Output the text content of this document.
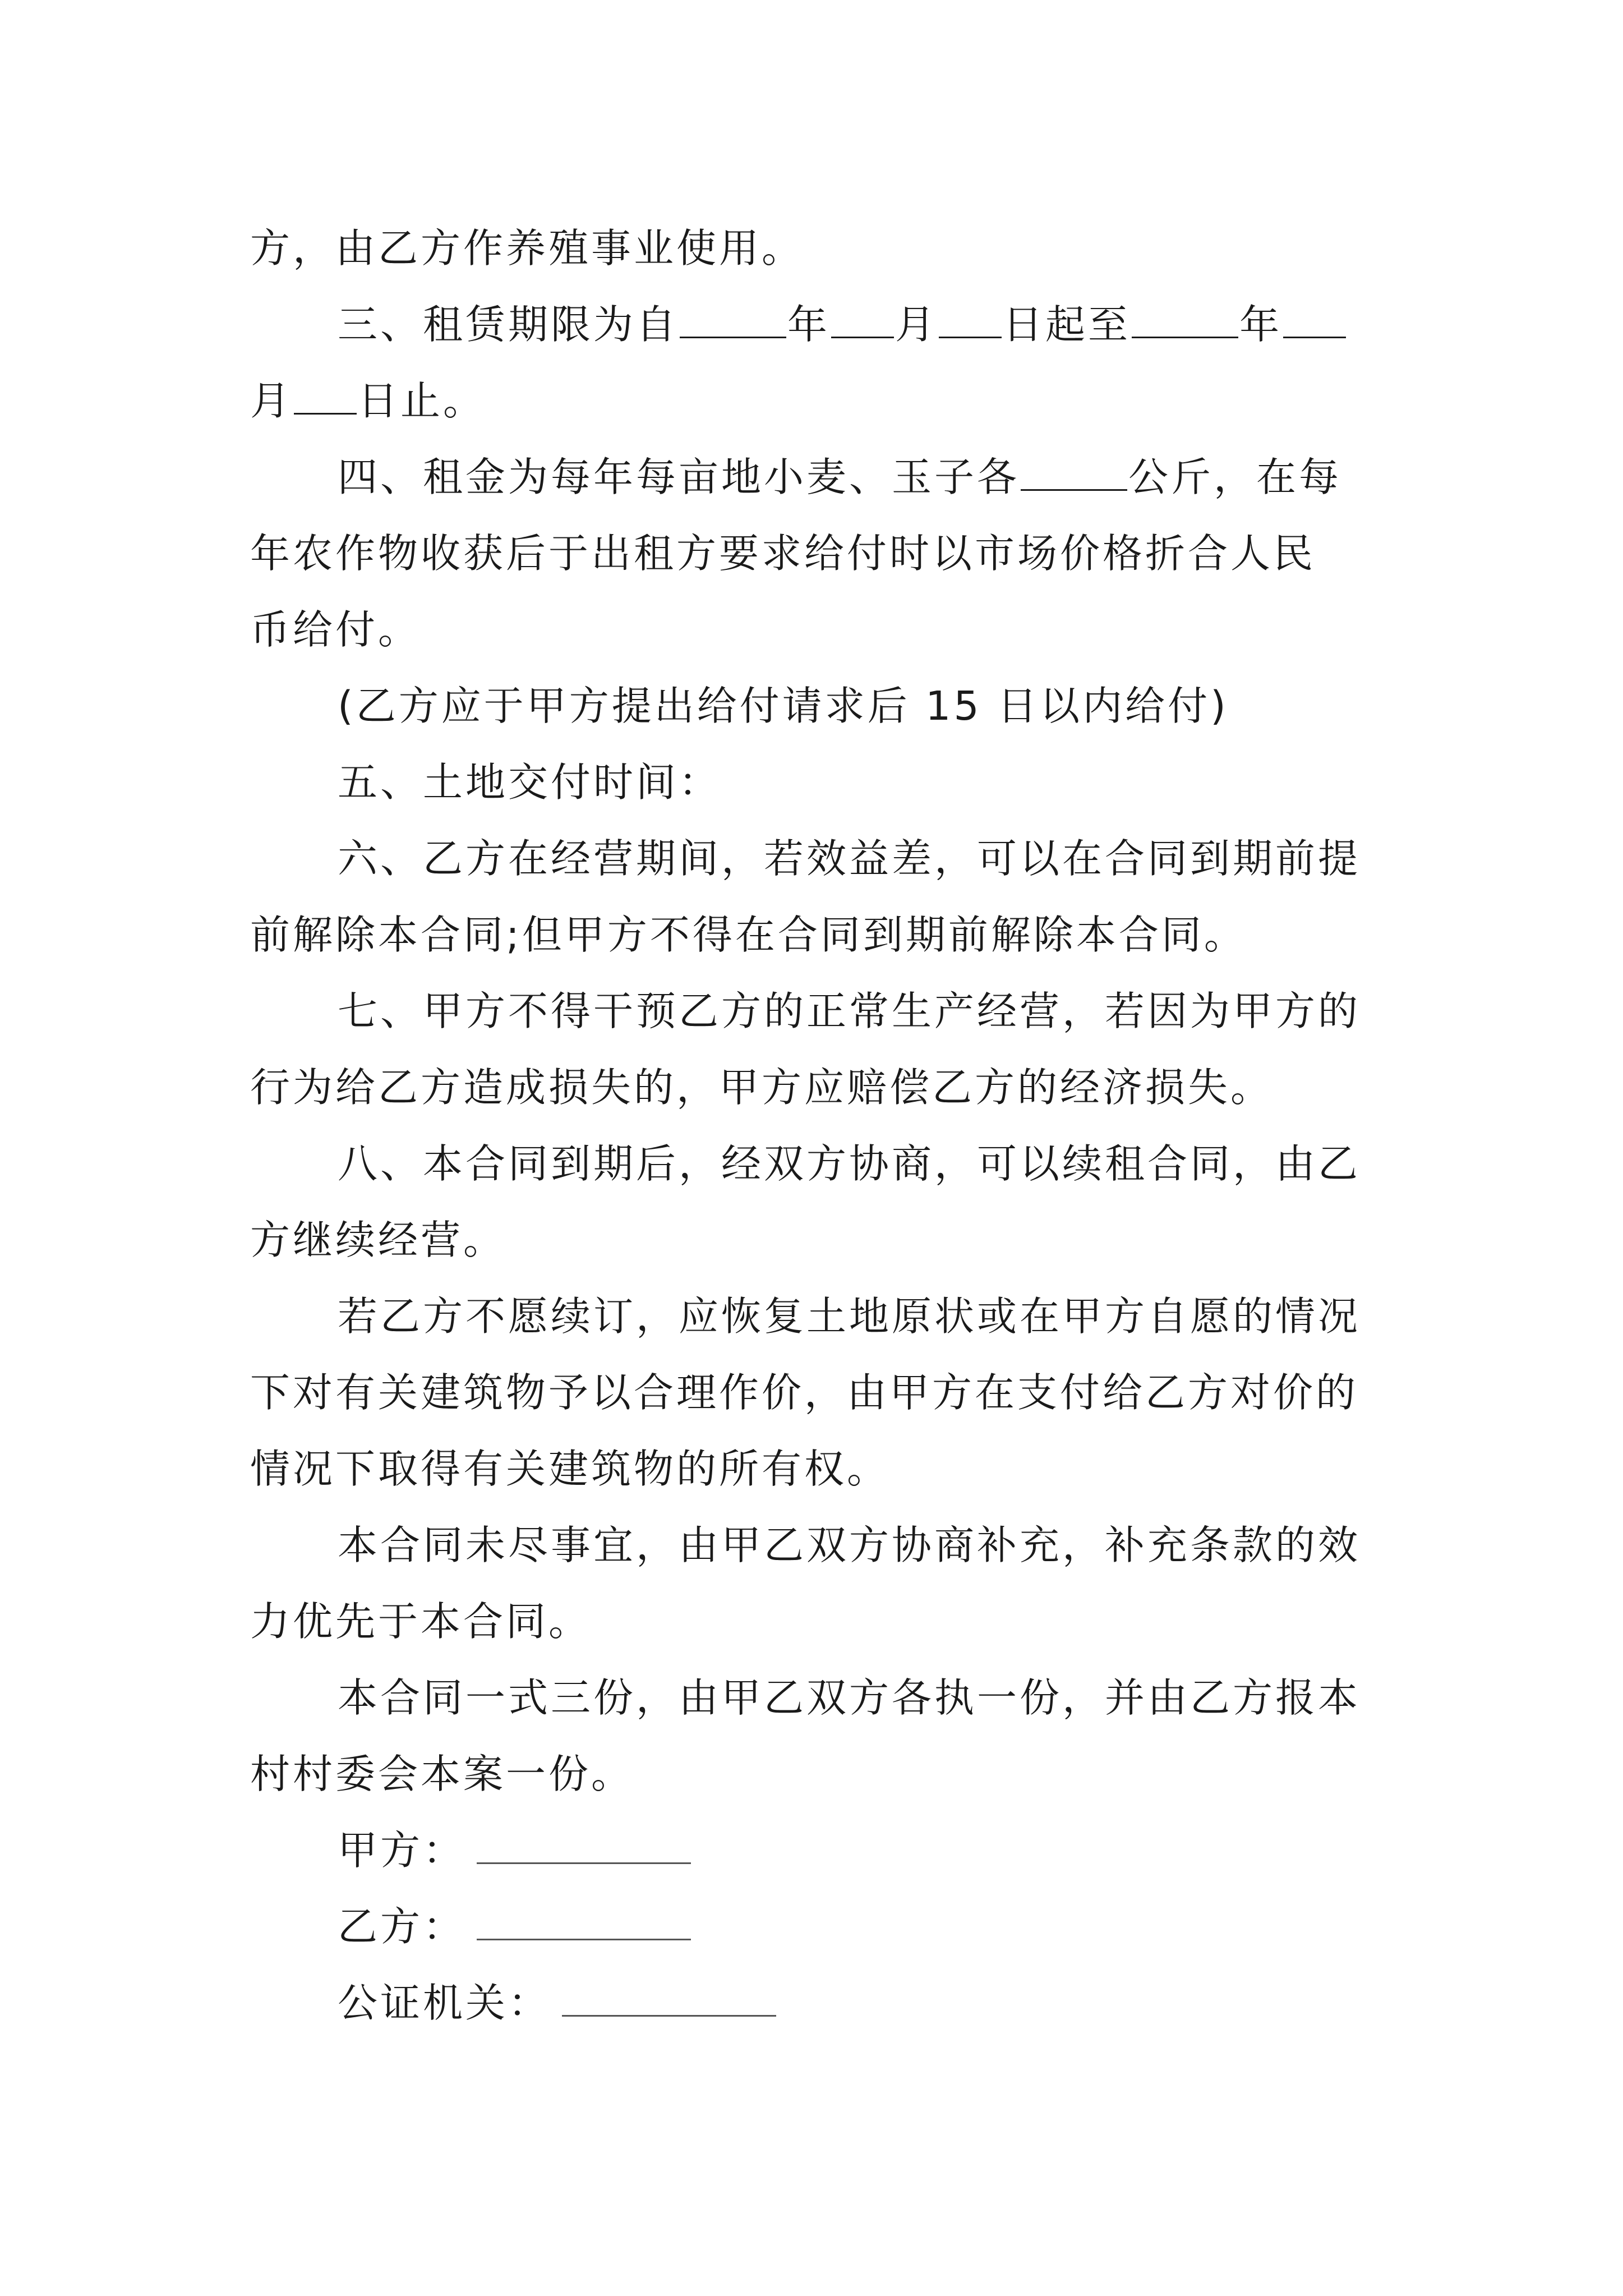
方，由乙方作养殖事业使用。
三、租赁期限为自	年 月 日起至	年
月 日止。
四、租金为每年每亩地小麦、玉子各	公斤，在每
年农作物收获后于出租方要求给付时以市场价格折合人民
币给付。
(乙方应于甲方提出给付请求后 15 日以内给付)
五、土地交付时间：
六、乙方在经营期间，若效益差，可以在合同到期前提
前解除本合同;但甲方不得在合同到期前解除本合同。
七、甲方不得干预乙方的正常生产经营，若因为甲方的
行为给乙方造成损失的，甲方应赔偿乙方的经济损失。
八、本合同到期后，经双方协商，可以续租合同，由乙
方继续经营。
若乙方不愿续订，应恢复土地原状或在甲方自愿的情况
下对有关建筑物予以合理作价，由甲方在支付给乙方对价的
情况下取得有关建筑物的所有权。
本合同未尽事宜，由甲乙双方协商补充，补充条款的效
力优先于本合同。
本合同一式三份，由甲乙双方各执一份，并由乙方报本
村村委会本案一份。
甲方：
乙方：
公证机关：
